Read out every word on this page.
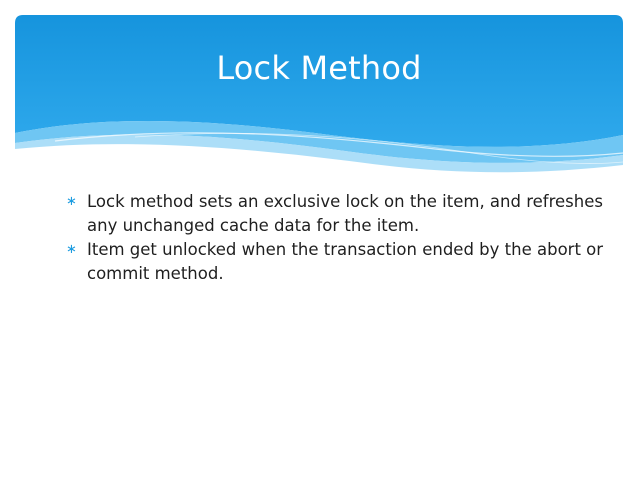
Lock Method
∗ Lock method sets an exclusive lock on the item, and refreshes any unchanged cache data for the item.
∗ Item get unlocked when the transaction ended by the abort or commit method.
